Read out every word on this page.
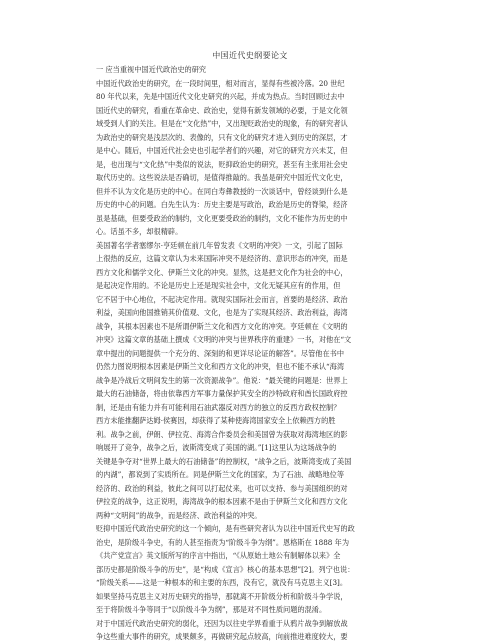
中国近代史纲要论文
一 应当重视中国近代政治史的研究
中国近代政治史的研究，在一段时间里，相对而言，显得有些被冷落。20 世纪
80 年代以来，先是中国近代文化史研究的兴起，并成为热点。当时回顾过去中
国近代史的研究，看重在革命史、政治史，觉得有新发领域的必要，于是文化领
域受到人们的关注。但是在“文化热”中，又出现贬政治史的现象，有的研究者认
为政治史的研究是浅层次的、表像的，只有文化的研究才进入到历史的深层，才
是中心。随后，中国近代社会史也引起学者们的兴趣，对它的研究方兴未艾，但
是，也出现与“文化热”中类似的说法，贬抑政治史的研究，甚至有主张用社会史
取代历史的。这些说法是否确切，是值得推敲的。我虽是研究中国近代文化史，
但并不认为文化是历史的中心。在同白寿彝教授的一次谈话中，曾经谈到什么是
历史的中心的问题。白先生认为：历史主要是写政治，政治是历史的脊梁，经济
虽是基础，但要受政治的制约，文化更要受政治的制约，文化不能作为历史的中
心。话虽不多，却很精辟。
美国著名学者塞缪尔·亨廷顿在前几年曾发表《文明的冲突》一文，引起了国际
上很热的反应，这篇文章认为未来国际冲突不是经济的、意识形态的冲突，而是
西方文化和儒学文化、伊斯兰文化的冲突。显然，这是把文化作为社会的中心，
是起决定作用的。不论是历史上还是现实社会中，文化无疑其应有的作用，但
它不居于中心地位，不起决定作用。就现实国际社会而言，首要的是经济、政治
利益，美国向他国推销其价值观、文化，也是为了实现其经济、政治利益，海湾
战争，其根本因素也不是所谓伊斯兰文化和西方文化的冲突。亨廷顿在《文明的
冲突》这篇文章的基础上撰成《文明的冲突与世界秩序的重建》一书，对他在“文
章中提出的问题提供一个充分的、深刻的和更详尽论证的解答”。尽管他在书中
仍然力图说明根本因素是伊斯兰文化和西方文化的冲突，但也不能不承认“海湾
战争是冷战后文明间发生的第一次资源战争”。他说：“最关键的问题是：世界上
最大的石油储备，将由依靠西方军事力量保护其安全的沙特政府和酋长国政府控
制，还是由有能力并有可能利用石油武器反对西方的独立的反西方政权控制？
西方未能推翻萨达姆·侯赛因，却获得了某种使海湾国家安全上依赖西方的胜
利。战争之前，伊朗、伊拉克、海湾合作委员会和美国曾为获取对海湾地区的影
响展开了竞争，战争之后，波斯湾变成了美国的湖。”[1]这里认为这场战争的
关键是争夺对“世界上最大的石油储备”的控制权，“战争之后，波斯湾变成了美国
的内湖”，都说到了实质所在。同是伊斯兰文化的国家，为了石油、战略地位等
经济的、政治的利益，彼此之间可以打起仗来，也可以支持、参与美国组织的对
伊拉克的战争，这正说明，海湾战争的根本因素不是由于伊斯兰文化和西方文化
两种“文明间”的战争，而是经济、政治利益的冲突。
贬抑中国近代政治史研究的这一个倾向，是有些研究者认为以往中国近代史写的政
治史，是阶级斗争史，有的人甚至指责为“阶级斗争为纲”。恩格斯在 1888 年为
《共产党宣言》英文版所写的序言中指出，“《从原始土地公有制解体以来》全
部历史都是阶级斗争的历史”，是“构成《宣言》核心的基本思想”[2]。列宁也说：
“阶级关系——这是一种根本的和主要的东西，没有它，就没有马克思主义[3]。
如果坚持马克思主义对历史研究的指导，那就离不开阶级分析和阶级斗争学说，
至于将阶级斗争等同于“以阶级斗争为纲”，那是对不同性质问题的混淆。
对于中国近代政治史研究的弱化，还因为以往史学界看重于从鸦片战争到解放战
争这些重大事件的研究，成果颇多，再做研究起点较高，向前推进难度较大，要
